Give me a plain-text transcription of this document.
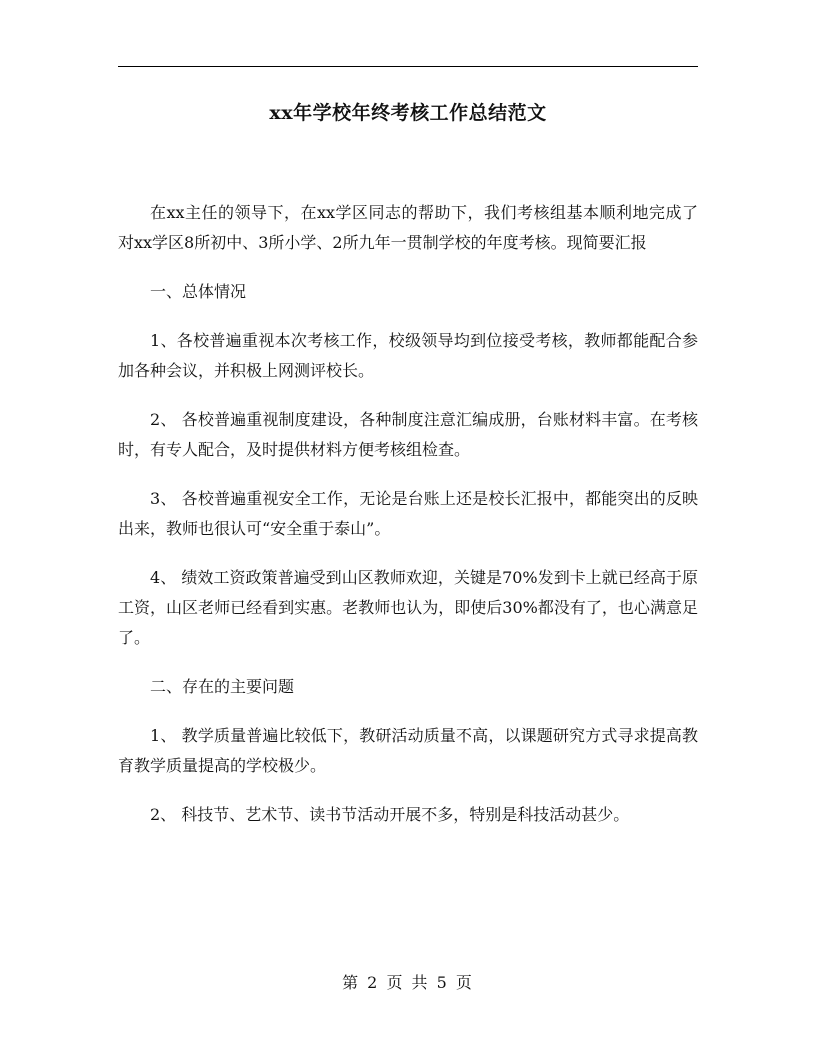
xx年学校年终考核工作总结范文

在xx主任的领导下，在xx学区同志的帮助下，我们考核组基本顺利地完成了对xx学区8所初中、3所小学、2所九年一贯制学校的年度考核。现简要汇报

一、总体情况

1、各校普遍重视本次考核工作，校级领导均到位接受考核，教师都能配合参加各种会议，并积极上网测评校长。

2、 各校普遍重视制度建设，各种制度注意汇编成册，台账材料丰富。在考核时，有专人配合，及时提供材料方便考核组检查。

3、 各校普遍重视安全工作，无论是台账上还是校长汇报中，都能突出的反映出来，教师也很认可“安全重于泰山”。

4、 绩效工资政策普遍受到山区教师欢迎，关键是70%发到卡上就已经高于原工资，山区老师已经看到实惠。老教师也认为，即使后30%都没有了，也心满意足了。

二、存在的主要问题

1、 教学质量普遍比较低下，教研活动质量不高，以课题研究方式寻求提高教育教学质量提高的学校极少。

2、 科技节、艺术节、读书节活动开展不多，特别是科技活动甚少。

第 2 页 共 5 页
